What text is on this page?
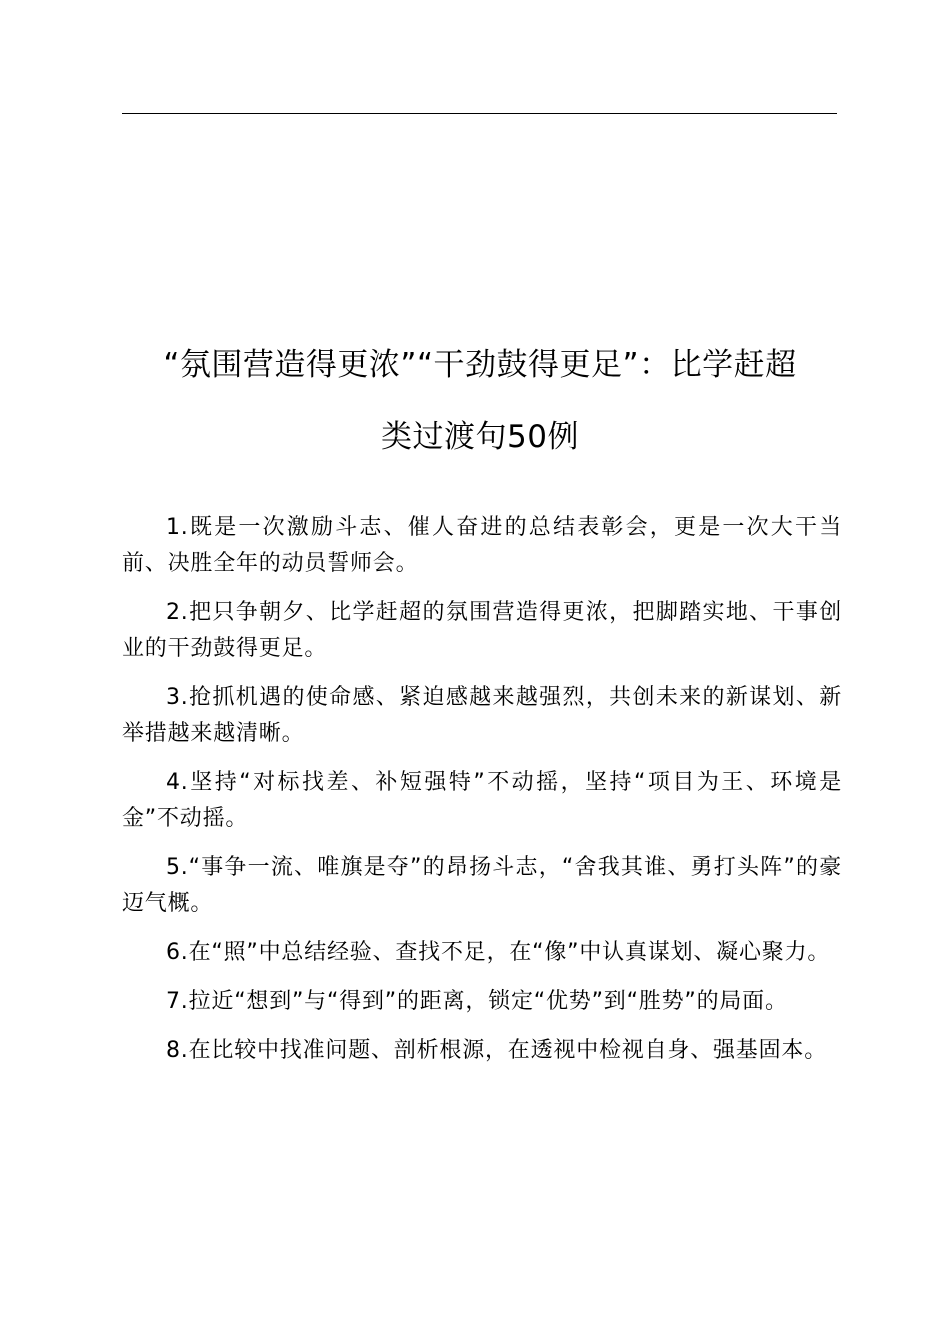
“氛围营造得更浓”“干劲鼓得更足”：比学赶超
类过渡句50例

1.既是一次激励斗志、催人奋进的总结表彰会，更是一次大干当前、决胜全年的动员誓师会。

2.把只争朝夕、比学赶超的氛围营造得更浓，把脚踏实地、干事创业的干劲鼓得更足。

3.抢抓机遇的使命感、紧迫感越来越强烈，共创未来的新谋划、新举措越来越清晰。

4.坚持“对标找差、补短强特”不动摇，坚持“项目为王、环境是金”不动摇。

5.“事争一流、唯旗是夺”的昂扬斗志，“舍我其谁、勇打头阵”的豪迈气概。

6.在“照”中总结经验、查找不足，在“像”中认真谋划、凝心聚力。

7.拉近“想到”与“得到”的距离，锁定“优势”到“胜势”的局面。

8.在比较中找准问题、剖析根源，在透视中检视自身、强基固本。
